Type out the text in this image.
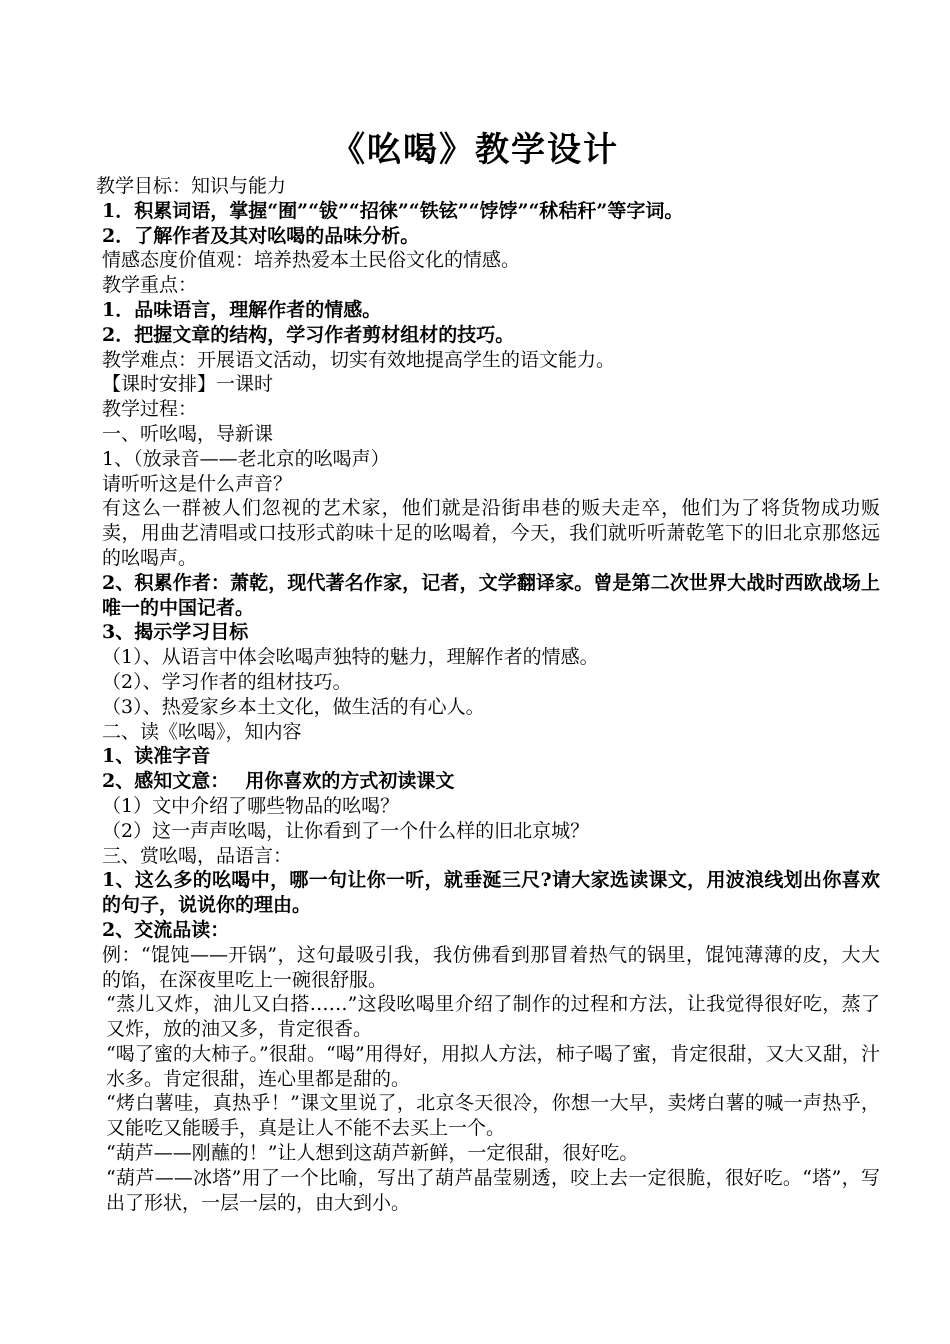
《吆喝》教学设计

教学目标：知识与能力

1．积累词语，掌握“囿”“钹”“招徕”“铁铉”“饽饽”“秫秸秆”等字词。

2．了解作者及其对吆喝的品味分析。

情感态度价值观：培养热爱本土民俗文化的情感。

教学重点：

1．品味语言，理解作者的情感。

2．把握文章的结构，学习作者剪材组材的技巧。

教学难点：开展语文活动，切实有效地提高学生的语文能力。

【课时安排】一课时

教学过程：

一、听吆喝，导新课

1、（放录音——老北京的吆喝声）

请听听这是什么声音？

有这么一群被人们忽视的艺术家，他们就是沿街串巷的贩夫走卒，他们为了将货物成功贩卖，用曲艺清唱或口技形式韵味十足的吆喝着，今天，我们就听听萧乾笔下的旧北京那悠远的吆喝声。

2、积累作者：萧乾，现代著名作家，记者，文学翻译家。曾是第二次世界大战时西欧战场上唯一的中国记者。

3、揭示学习目标

（1）、从语言中体会吆喝声独特的魅力，理解作者的情感。

（2）、学习作者的组材技巧。

（3）、热爱家乡本土文化，做生活的有心人。

二、读《吆喝》，知内容

1、读准字音

2、感知文意：　 用你喜欢的方式初读课文

（1）文中介绍了哪些物品的吆喝？

（2）这一声声吆喝，让你看到了一个什么样的旧北京城？

三、赏吆喝，品语言：

1、这么多的吆喝中，哪一句让你一听，就垂涎三尺?请大家选读课文，用波浪线划出你喜欢的句子，说说你的理由。

2、交流品读：

例：“馄饨——开锅”，这句最吸引我，我仿佛看到那冒着热气的锅里，馄饨薄薄的皮，大大的馅，在深夜里吃上一碗很舒服。

“蒸儿又炸，油儿又白搭……”这段吆喝里介绍了制作的过程和方法，让我觉得很好吃，蒸了又炸，放的油又多，肯定很香。

“喝了蜜的大柿子。”很甜。“喝”用得好，用拟人方法，柿子喝了蜜，肯定很甜，又大又甜，汁水多。肯定很甜，连心里都是甜的。

“烤白薯哇，真热乎！”课文里说了，北京冬天很冷，你想一大早，卖烤白薯的喊一声热乎，又能吃又能暖手，真是让人不能不去买上一个。

“葫芦——刚蘸的！”让人想到这葫芦新鲜，一定很甜，很好吃。

“葫芦——冰塔”用了一个比喻，写出了葫芦晶莹剔透，咬上去一定很脆，很好吃。“塔”，写出了形状，一层一层的，由大到小。
